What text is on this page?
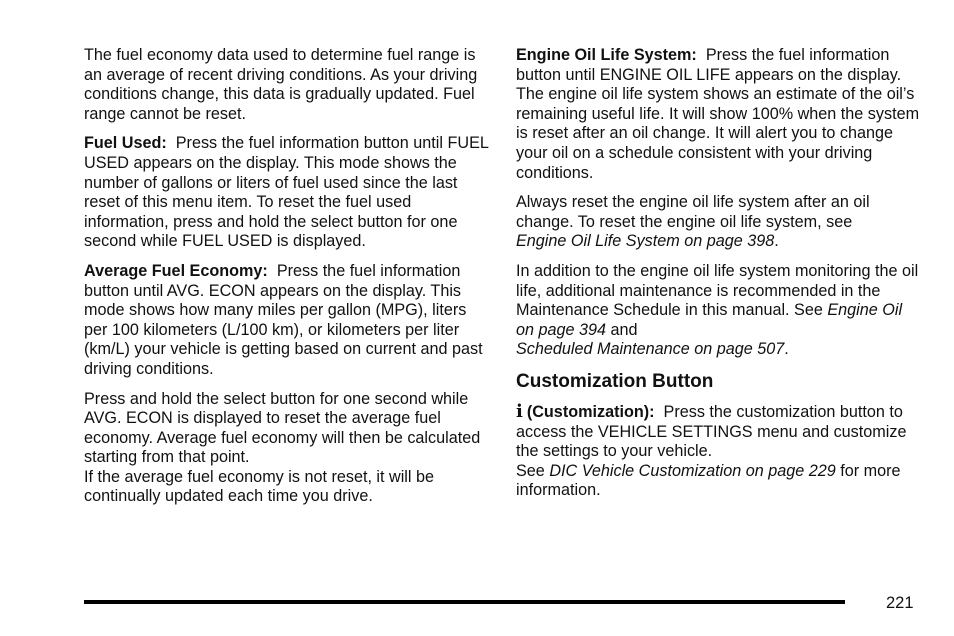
The fuel economy data used to determine fuel range is an average of recent driving conditions. As your driving conditions change, this data is gradually updated. Fuel range cannot be reset.

Fuel Used: Press the fuel information button until FUEL USED appears on the display. This mode shows the number of gallons or liters of fuel used since the last reset of this menu item. To reset the fuel used information, press and hold the select button for one second while FUEL USED is displayed.

Average Fuel Economy: Press the fuel information button until AVG. ECON appears on the display. This mode shows how many miles per gallon (MPG), liters per 100 kilometers (L/100 km), or kilometers per liter (km/L) your vehicle is getting based on current and past driving conditions.

Press and hold the select button for one second while AVG. ECON is displayed to reset the average fuel economy. Average fuel economy will then be calculated starting from that point.
If the average fuel economy is not reset, it will be continually updated each time you drive.

Engine Oil Life System: Press the fuel information button until ENGINE OIL LIFE appears on the display. The engine oil life system shows an estimate of the oil’s remaining useful life. It will show 100% when the system is reset after an oil change. It will alert you to change your oil on a schedule consistent with your driving conditions.

Always reset the engine oil life system after an oil change. To reset the engine oil life system, see
Engine Oil Life System on page 398.

In addition to the engine oil life system monitoring the oil life, additional maintenance is recommended in the Maintenance Schedule in this manual. See Engine Oil on page 394 and
Scheduled Maintenance on page 507.

Customization Button

i (Customization): Press the customization button to access the VEHICLE SETTINGS menu and customize the settings to your vehicle.
See DIC Vehicle Customization on page 229 for more information.

221
